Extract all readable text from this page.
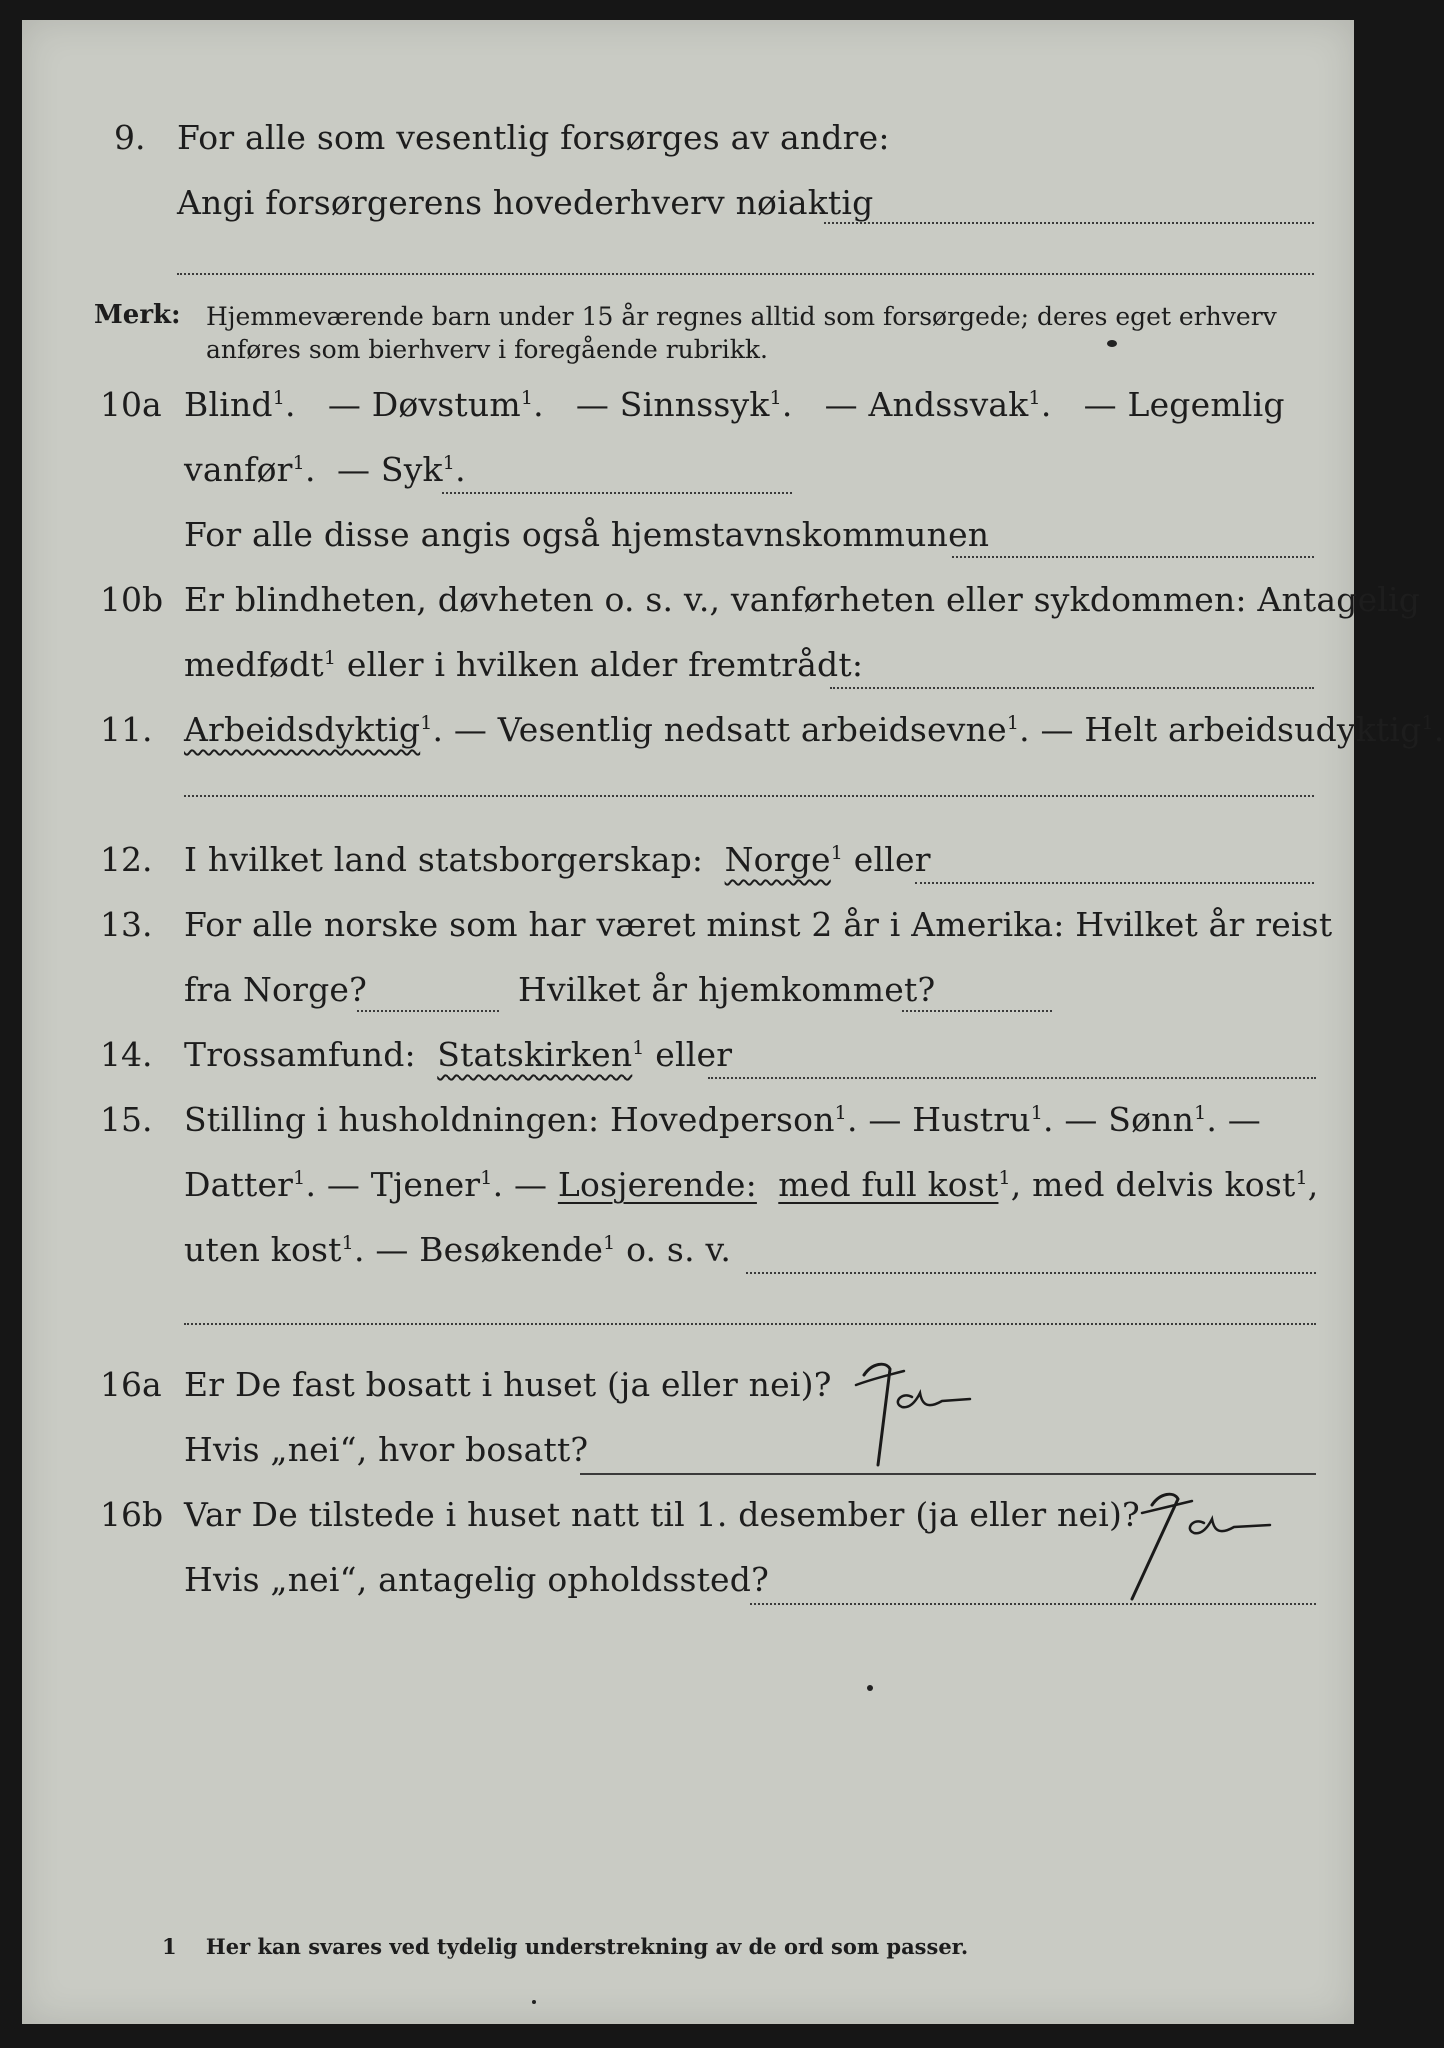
9. For alle som vesentlig forsørges av andre:
Angi forsørgerens hovederhverv nøiaktig
Merk: Hjemmeværende barn under 15 år regnes alltid som forsørgede; deres eget erhverv
anføres som bierhverv i foregående rubrikk.
10a Blind$^1$.   — Døvstum$^1$.   — Sinnssyk$^1$.   — Andssvak$^1$.   — Legemlig
vanfør$^1$.  — Syk$^1$.
For alle disse angis også hjemstavnskommunen
10b Er blindheten, døvheten o. s. v., vanførheten eller sykdommen: Antagelig
medfødt$^1$ eller i hvilken alder fremtrådt:
11. Arbeidsdyktig$^1$. — Vesentlig nedsatt arbeidsevne$^1$. — Helt arbeidsudyktig$^1$.
12. I hvilket land statsborgerskap: Norge$^1$ eller
13. For alle norske som har været minst 2 år i Amerika: Hvilket år reist
fra Norge?	Hvilket år hjemkommet?
14. Trossamfund: Statskirken$^1$ eller
15. Stilling i husholdningen: Hovedperson$^1$. — Hustru$^1$. — Sønn$^1$. —
Datter$^1$. — Tjener$^1$. — Losjerende: med full kost$^1$, med delvis kost$^1$,
uten kost$^1$. — Besøkende$^1$ o. s. v.
16a Er De fast bosatt i huset (ja eller nei)?
Hvis „nei“, hvor bosatt?
16b Var De tilstede i huset natt til 1. desember (ja eller nei)?
Hvis „nei“, antagelig opholdssted?
1 Her kan svares ved tydelig understrekning av de ord som passer.
